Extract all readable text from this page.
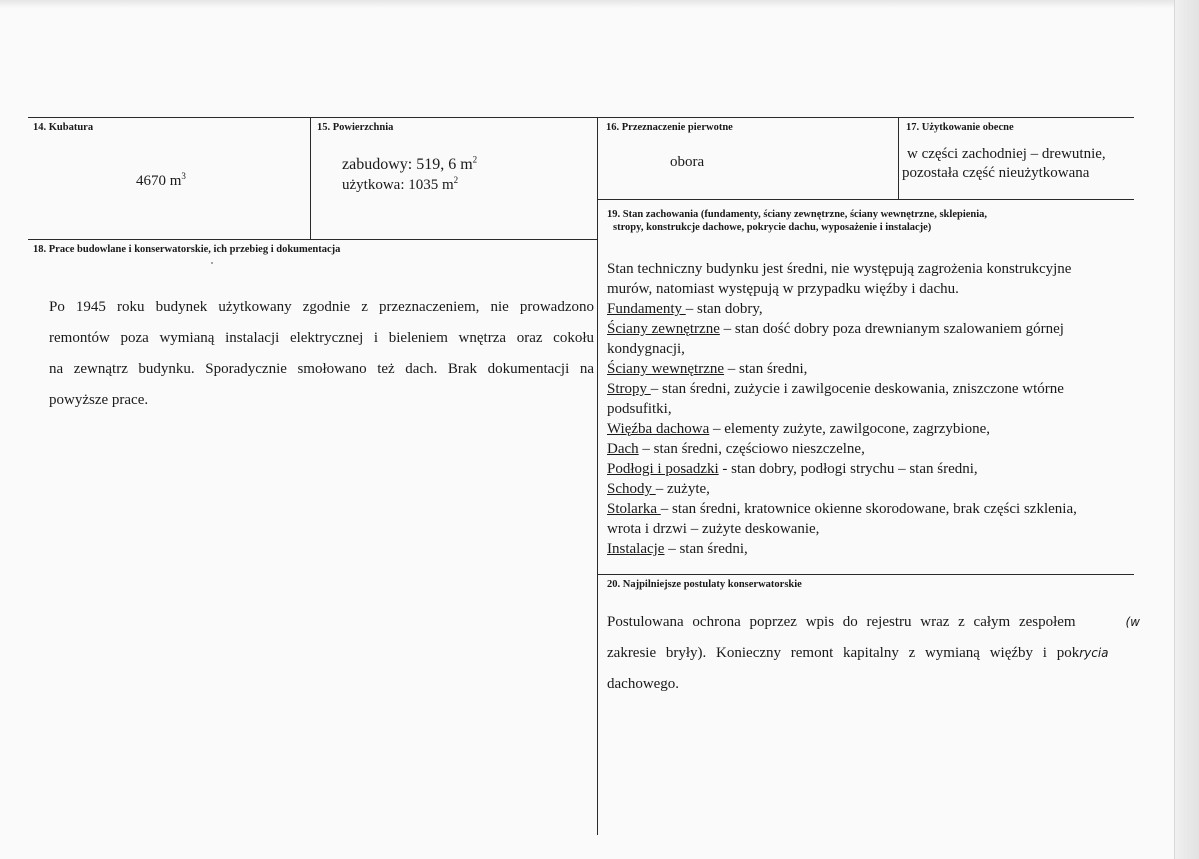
14. Kubatura
4670 $m^3$
15. Powierzchnia
zabudowy: 519, 6 $m^2$
użytkowa: 1035 $m^2$
16. Przeznaczenie pierwotne
obora
17. Użytkowanie obecne
w części zachodniej – drewutnie,
pozostała część nieużytkowana
18. Prace budowlane i konserwatorskie, ich przebieg i dokumentacja
Po 1945 roku budynek użytkowany zgodnie z przeznaczeniem, nie prowadzono
remontów poza wymianą instalacji elektrycznej i bieleniem wnętrza oraz cokołu
na zewnątrz budynku. Sporadycznie smołowano też dach. Brak dokumentacji na
powyższe prace.
19. Stan zachowania (fundamenty, ściany zewnętrzne, ściany wewnętrzne, sklepienia,
stropy, konstrukcje dachowe, pokrycie dachu, wyposażenie i instalacje)
Stan techniczny budynku jest średni, nie występują zagrożenia konstrukcyjne
murów, natomiast występują w przypadku więźby i dachu.
Fundamenty – stan dobry,
Ściany zewnętrzne – stan dość dobry poza drewnianym szalowaniem górnej
kondygnacji,
Ściany wewnętrzne – stan średni,
Stropy – stan średni, zużycie i zawilgocenie deskowania, zniszczone wtórne
podsufitki,
Więźba dachowa – elementy zużyte, zawilgocone, zagrzybione,
Dach – stan średni, częściowo nieszczelne,
Podłogi i posadzki - stan dobry, podłogi strychu – stan średni,
Schody – zużyte,
Stolarka – stan średni, kratownice okienne skorodowane, brak części szklenia,
wrota i drzwi – zużyte deskowanie,
Instalacje – stan średni,
20. Najpilniejsze postulaty konserwatorskie
Postulowana ochrona poprzez wpis do rejestru wraz z całym zespołem	(w
zakresie bryły). Konieczny remont kapitalny z wymianą więźby i pokrycia
dachowego.
